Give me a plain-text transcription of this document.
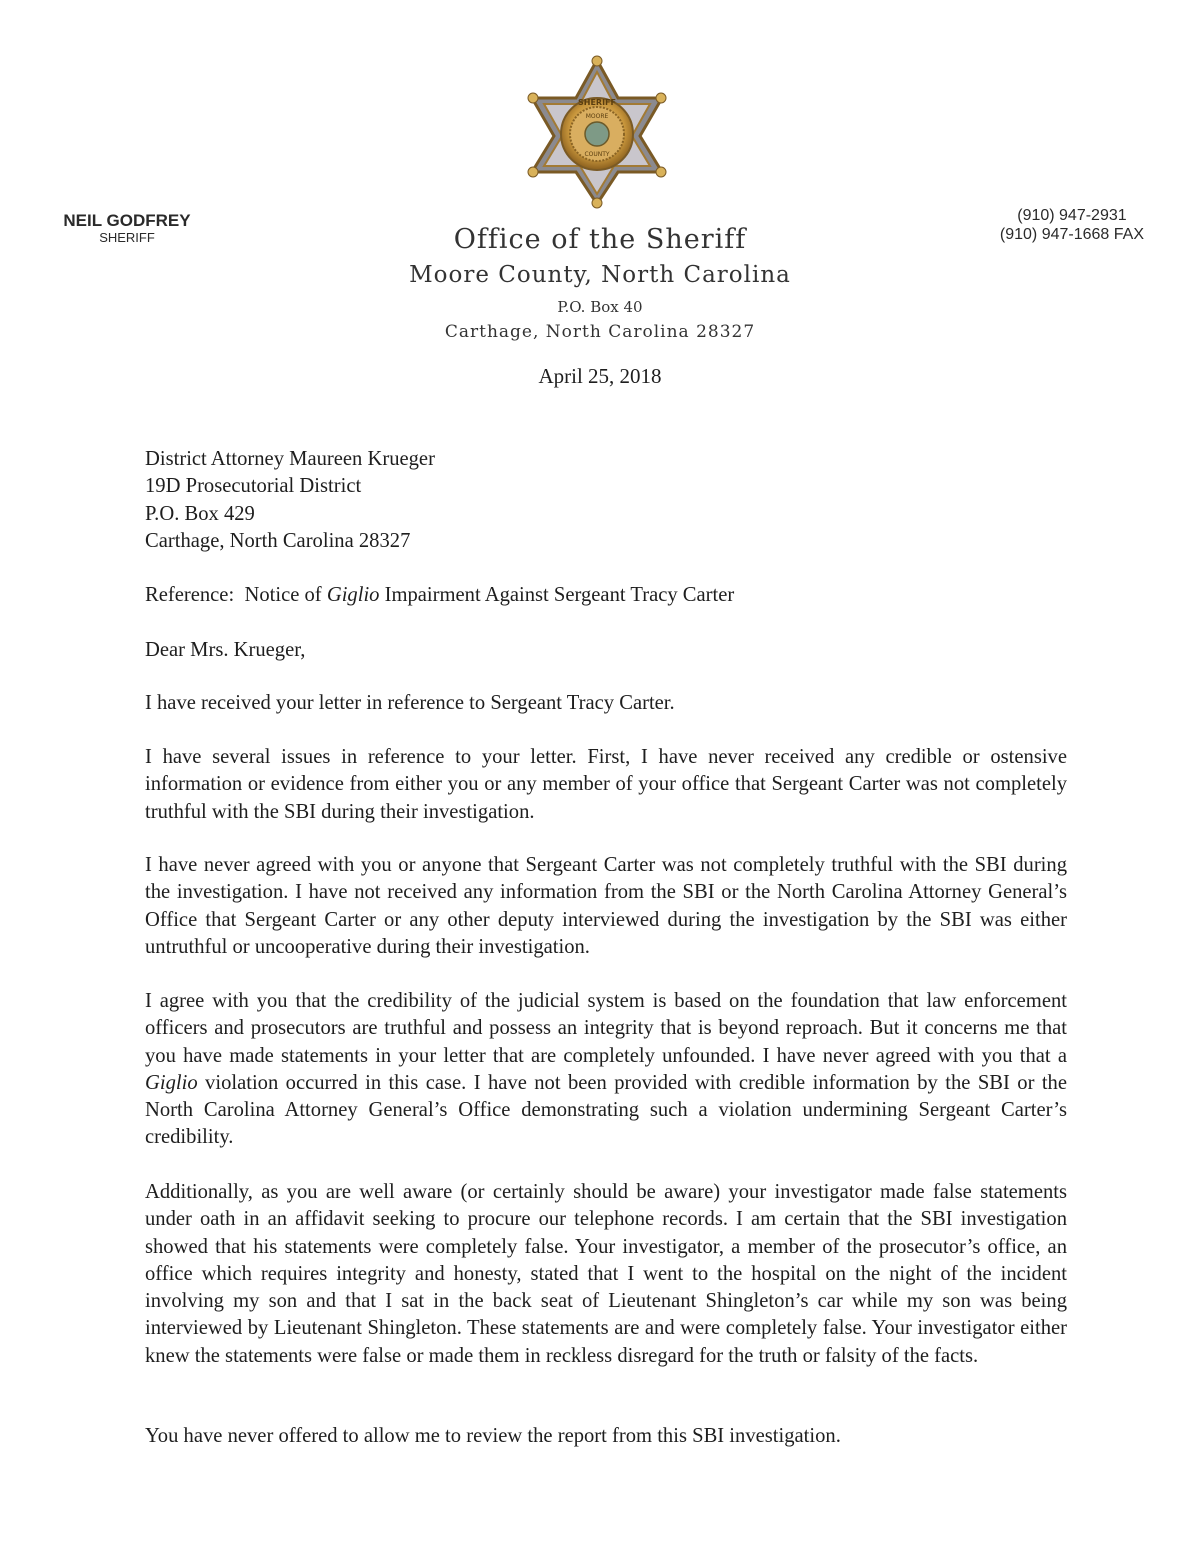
NEIL GODFREY
SHERIFF
(910) 947-2931
(910) 947-1668 FAX
SHERIFF
MOORE
COUNTY
Office of the Sheriff
Moore County, North Carolina
P.O. Box 40
Carthage, North Carolina 28327
April 25, 2018
District Attorney Maureen Krueger
19D Prosecutorial District
P.O. Box 429
Carthage, North Carolina 28327
Reference:  Notice of Giglio Impairment Against Sergeant Tracy Carter
Dear Mrs. Krueger,

I have received your letter in reference to Sergeant Tracy Carter.

I have several issues in reference to your letter. First, I have never received any credible or ostensive information or evidence from either you or any member of your office that Sergeant Carter was not completely truthful with the SBI during their investigation.

I have never agreed with you or anyone that Sergeant Carter was not completely truthful with the SBI during the investigation. I have not received any information from the SBI or the North Carolina Attorney General’s Office that Sergeant Carter or any other deputy interviewed during the investigation by the SBI was either untruthful or uncooperative during their investigation.

I agree with you that the credibility of the judicial system is based on the foundation that law enforcement officers and prosecutors are truthful and possess an integrity that is beyond reproach. But it concerns me that you have made statements in your letter that are completely unfounded. I have never agreed with you that a Giglio violation occurred in this case. I have not been provided with credible information by the SBI or the North Carolina Attorney General’s Office demonstrating such a violation undermining Sergeant Carter’s credibility.

Additionally, as you are well aware (or certainly should be aware) your investigator made false statements under oath in an affidavit seeking to procure our telephone records. I am certain that the SBI investigation showed that his statements were completely false. Your investigator, a member of the prosecutor’s office, an office which requires integrity and honesty, stated that I went to the hospital on the night of the incident involving my son and that I sat in the back seat of Lieutenant Shingleton’s car while my son was being interviewed by Lieutenant Shingleton. These statements are and were completely false. Your investigator either knew the statements were false or made them in reckless disregard for the truth or falsity of the facts.

You have never offered to allow me to review the report from this SBI investigation.
